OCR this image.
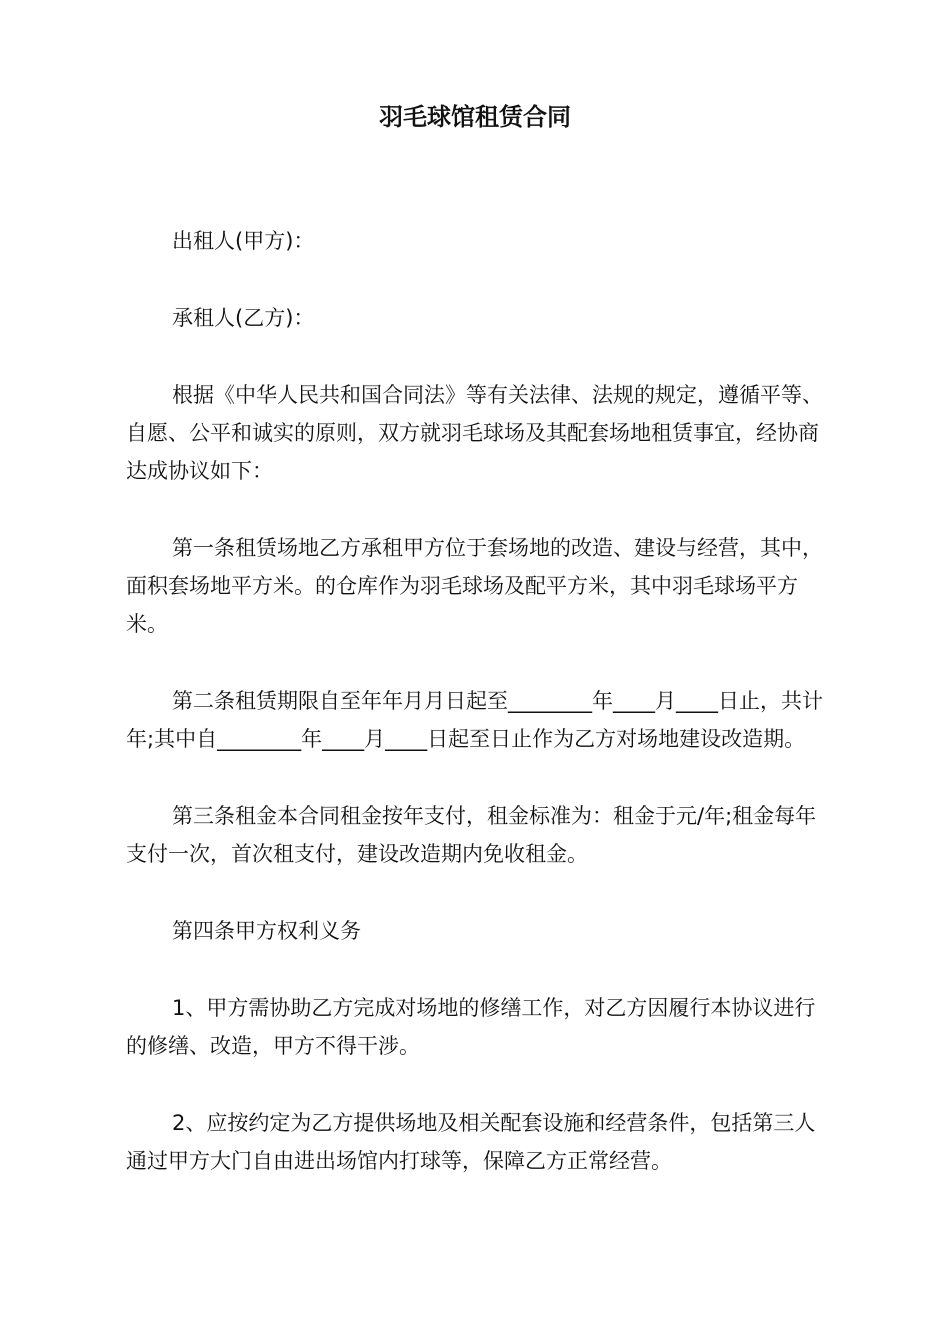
羽毛球馆租赁合同

出租人(甲方)：

承租人(乙方)：

根据《中华人民共和国合同法》等有关法律、法规的规定，遵循平等、自愿、公平和诚实的原则，双方就羽毛球场及其配套场地租赁事宜，经协商达成协议如下：

第一条租赁场地乙方承租甲方位于套场地的改造、建设与经营，其中，面积套场地平方米。的仓库作为羽毛球场及配平方米，其中羽毛球场平方米。

第二条租赁期限自至年年月月日起至________年____月____日止，共计年;其中自________年____月____日起至日止作为乙方对场地建设改造期。

第三条租金本合同租金按年支付，租金标准为：租金于元/年;租金每年支付一次，首次租支付，建设改造期内免收租金。

第四条甲方权利义务

1、甲方需协助乙方完成对场地的修缮工作，对乙方因履行本协议进行的修缮、改造，甲方不得干涉。

2、应按约定为乙方提供场地及相关配套设施和经营条件，包括第三人通过甲方大门自由进出场馆内打球等，保障乙方正常经营。
